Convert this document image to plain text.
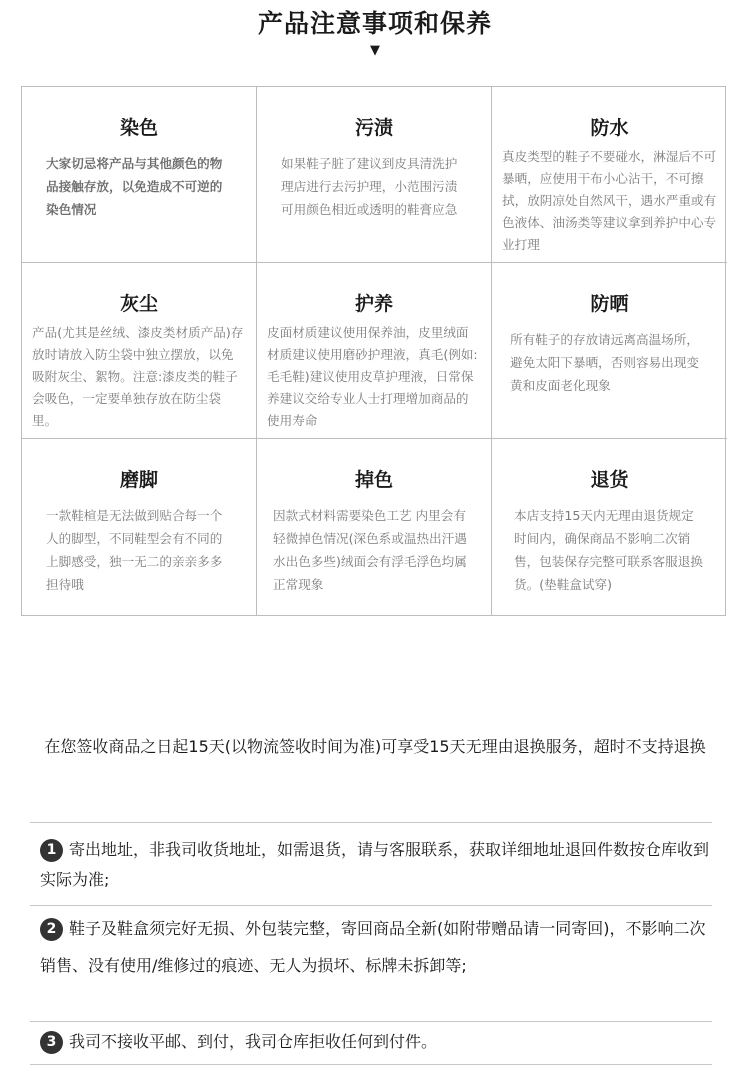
产品注意事项和保养
▼
染色
大家切忌将产品与其他颜色的物品接触存放，以免造成不可逆的染色情况
污渍
如果鞋子脏了建议到皮具清洗护理店进行去污护理，小范围污渍可用颜色相近或透明的鞋膏应急
防水
真皮类型的鞋子不要碰水，淋湿后不可暴晒，应使用干布小心沾干，不可擦拭，放阴凉处自然风干，遇水严重或有色液体、油汤类等建议拿到养护中心专业打理
灰尘
产品(尤其是丝绒、漆皮类材质产品)存放时请放入防尘袋中独立摆放，以免吸附灰尘、絮物。注意:漆皮类的鞋子会吸色，一定要单独存放在防尘袋里。
护养
皮面材质建议使用保养油，皮里绒面材质建议使用磨砂护理液，真毛(例如:毛毛鞋)建议使用皮草护理液，日常保养建议交给专业人士打理增加商品的使用寿命
防晒
所有鞋子的存放请远离高温场所，避免太阳下暴晒，否则容易出现变黄和皮面老化现象
磨脚
一款鞋楦是无法做到贴合每一个人的脚型，不同鞋型会有不同的上脚感受，独一无二的亲亲多多担待哦
掉色
因款式材料需要染色工艺 内里会有轻微掉色情况(深色系或温热出汗遇水出色多些)绒面会有浮毛浮色均属正常现象
退货
本店支持15天内无理由退货规定时间内，确保商品不影响二次销售，包装保存完整可联系客服退换货。(垫鞋盒试穿)
在您签收商品之日起15天(以物流签收时间为准)可享受15天无理由退换服务，超时不支持退换
1 寄出地址，非我司收货地址，如需退货，请与客服联系，获取详细地址退回件数按仓库收到实际为准;
2 鞋子及鞋盒须完好无损、外包装完整，寄回商品全新(如附带赠品请一同寄回)，不影响二次销售、没有使用/维修过的痕迹、无人为损坏、标牌未拆卸等;
3 我司不接收平邮、到付，我司仓库拒收任何到付件。
